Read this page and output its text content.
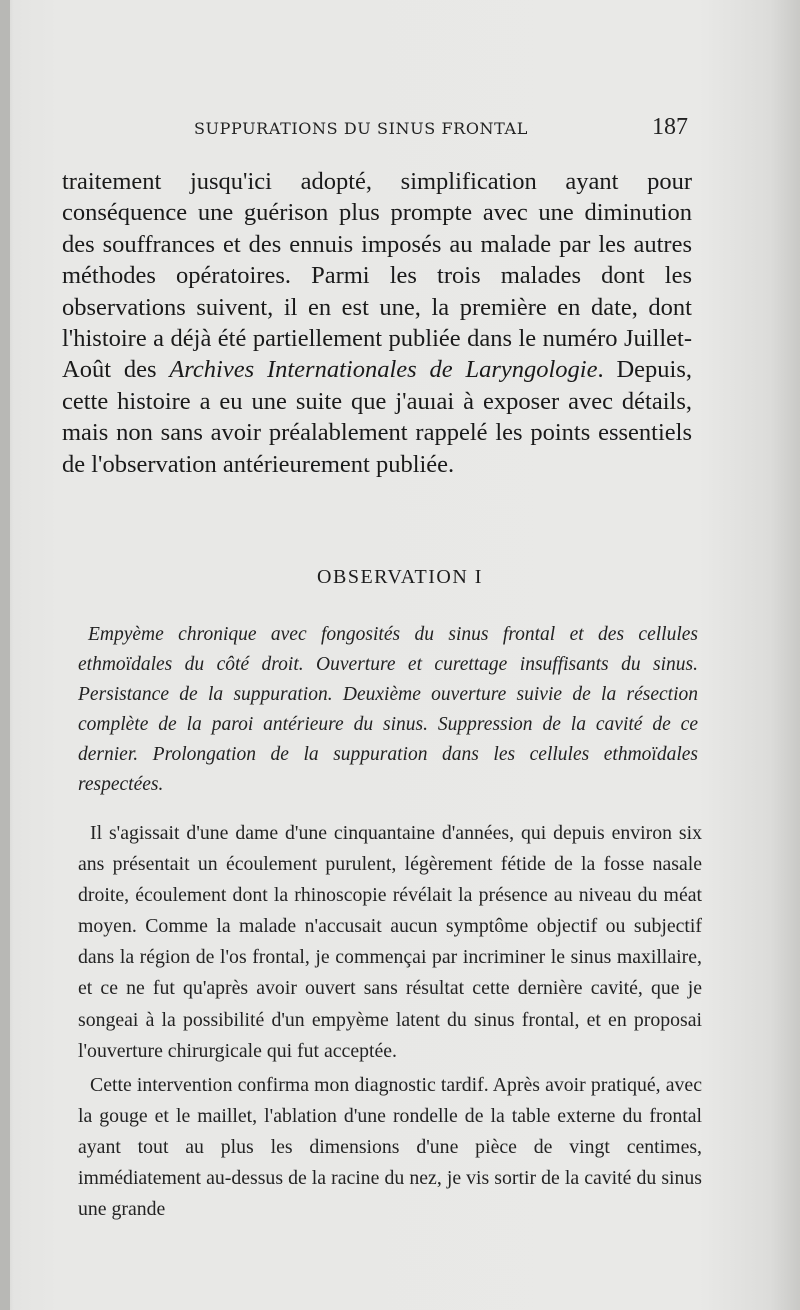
SUPPURATIONS DU SINUS FRONTAL	187

traitement jusqu'ici adopté, simplification ayant pour conséquence une guérison plus prompte avec une diminution des souffrances et des ennuis imposés au malade par les autres méthodes opératoires. Parmi les trois malades dont les observations suivent, il en est une, la première en date, dont l'histoire a déjà été partiellement publiée dans le numéro Juillet-Août des Archives Internationales de Laryngologie. Depuis, cette histoire a eu une suite que j'auıai à exposer avec détails, mais non sans avoir préalablement rappelé les points essentiels de l'observation antérieurement publiée.

OBSERVATION I

Empyème chronique avec fongosités du sinus frontal et des cellules ethmoïdales du côté droit. Ouverture et curettage insuffisants du sinus. Persistance de la suppuration. Deuxième ouverture suivie de la résection complète de la paroi antérieure du sinus. Suppression de la cavité de ce dernier. Prolongation de la suppuration dans les cellules ethmoïdales respectées.

Il s'agissait d'une dame d'une cinquantaine d'années, qui depuis environ six ans présentait un écoulement purulent, légèrement fétide de la fosse nasale droite, écoulement dont la rhinoscopie révélait la présence au niveau du méat moyen. Comme la malade n'accusait aucun symptôme objectif ou subjectif dans la région de l'os frontal, je commençai par incriminer le sinus maxillaire, et ce ne fut qu'après avoir ouvert sans résultat cette dernière cavité, que je songeai à la possibilité d'un empyème latent du sinus frontal, et en proposai l'ouverture chirurgicale qui fut acceptée.

Cette intervention confirma mon diagnostic tardif. Après avoir pratiqué, avec la gouge et le maillet, l'ablation d'une rondelle de la table externe du frontal ayant tout au plus les dimensions d'une pièce de vingt centimes, immédiatement au-dessus de la racine du nez, je vis sortir de la cavité du sinus une grande
